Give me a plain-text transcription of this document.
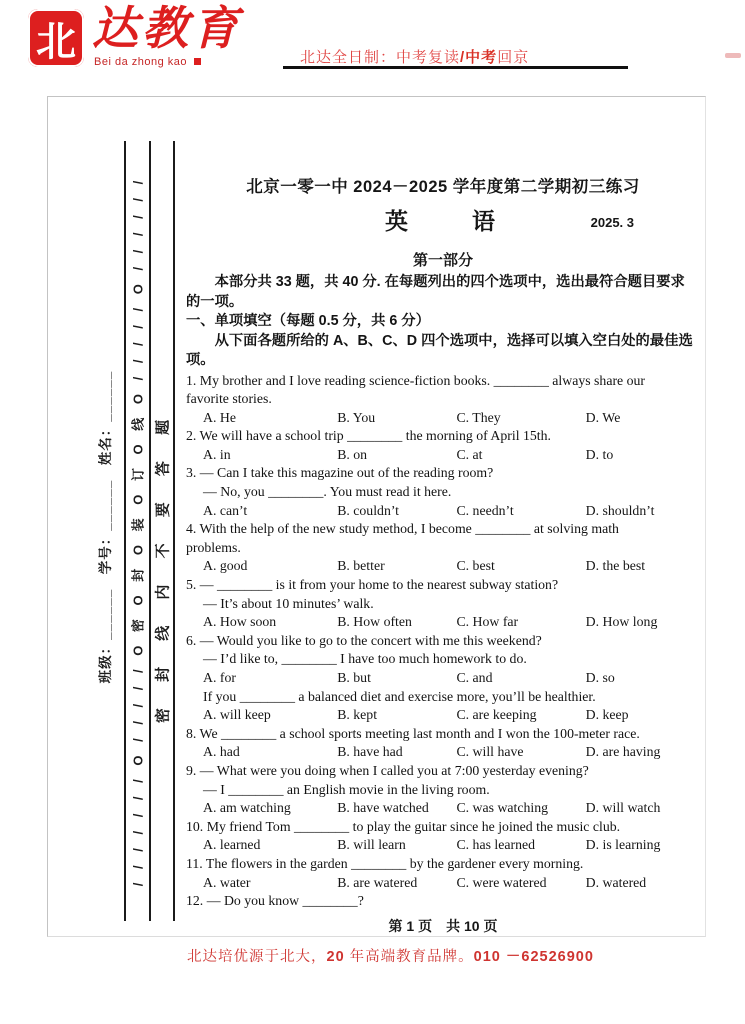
北 达教育
Bei da zhong kao	北达全日制：中考复读/中考回京
/ / / / / / / O / / / / / O 密 O 封 O 装 O 订 O 线 O / / / / / O / / / / / / 密 封 线 内 不 要 答 题
班级：______　学号：______　姓名：______
北京一零一中 2024－2025 学年度第二学期初三练习
英　　语	2025. 3
第一部分

本部分共 33 题，共 40 分. 在每题列出的四个选项中，选出最符合题目要求

的一项。

一、单项填空（每题 0.5 分，共 6 分）

从下面各题所给的 A、B、C、D 四个选项中，选择可以填入空白处的最佳选

项。

1. My brother and I love reading science-fiction books. ________ always share our

favorite stories.

A. He	B. You	C. They	D. We

2. We will have a school trip ________ the morning of April 15th.

A. in	B. on	C. at	D. to

3. — Can I take this magazine out of the reading room?

— No, you ________. You must read it here.

A. can’t	B. couldn’t	C. needn’t	D. shouldn’t

4. With the help of the new study method, I become ________ at solving math

problems.

A. good	B. better	C. best	D. the best

5. — ________ is it from your home to the nearest subway station?

— It’s about 10 minutes’ walk.

A. How soon	B. How often	C. How far	D. How long

6. — Would you like to go to the concert with me this weekend?

— I’d like to, ________ I have too much homework to do.

A. for	B. but	C. and	D. so

If you ________ a balanced diet and exercise more, you’ll be healthier.

A. will keep	B. kept	C. are keeping	D. keep

8. We ________ a school sports meeting last month and I won the 100-meter race.

A. had	B. have had	C. will have	D. are having

9. — What were you doing when I called you at 7:00 yesterday evening?

— I ________ an English movie in the living room.

A. am watching	B. have watched	C. was watching	D. will watch

10. My friend Tom ________ to play the guitar since he joined the music club.

A. learned	B. will learn	C. has learned	D. is learning

11. The flowers in the garden ________ by the gardener every morning.

A. water	B. are watered	C. were watered	D. watered

12. — Do you know ________?

第 1 页　共 10 页
北达培优源于北大，20 年高端教育品牌。010 －62526900
